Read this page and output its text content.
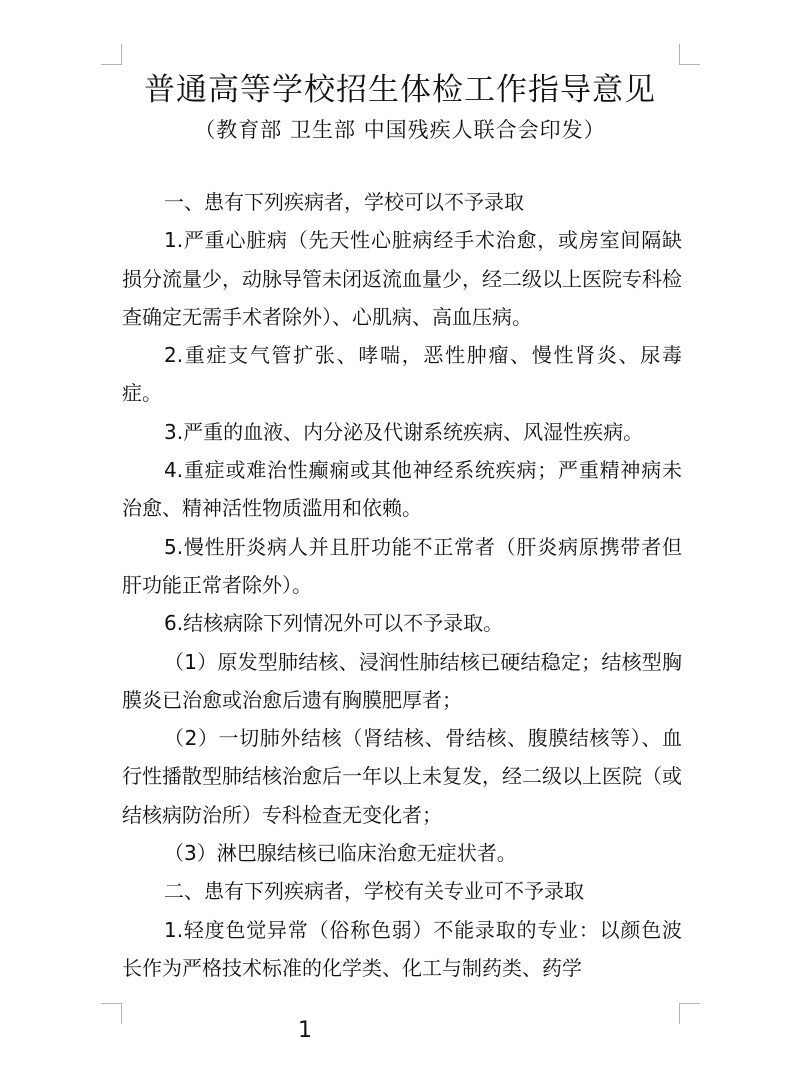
普通高等学校招生体检工作指导意见
（教育部 卫生部 中国残疾人联合会印发）

一、患有下列疾病者，学校可以不予录取

1.严重心脏病（先天性心脏病经手术治愈，或房室间隔缺损分流量少，动脉导管未闭返流血量少，经二级以上医院专科检查确定无需手术者除外）、心肌病、高血压病。

2.重症支气管扩张、哮喘，恶性肿瘤、慢性肾炎、尿毒症。

3.严重的血液、内分泌及代谢系统疾病、风湿性疾病。

4.重症或难治性癫痫或其他神经系统疾病；严重精神病未治愈、精神活性物质滥用和依赖。

5.慢性肝炎病人并且肝功能不正常者（肝炎病原携带者但肝功能正常者除外）。

6.结核病除下列情况外可以不予录取。

（1）原发型肺结核、浸润性肺结核已硬结稳定；结核型胸膜炎已治愈或治愈后遗有胸膜肥厚者；

（2）一切肺外结核（肾结核、骨结核、腹膜结核等）、血行性播散型肺结核治愈后一年以上未复发，经二级以上医院（或结核病防治所）专科检查无变化者；

（3）淋巴腺结核已临床治愈无症状者。

二、患有下列疾病者，学校有关专业可不予录取

1.轻度色觉异常（俗称色弱）不能录取的专业：以颜色波长作为严格技术标准的化学类、化工与制药类、药学

1
